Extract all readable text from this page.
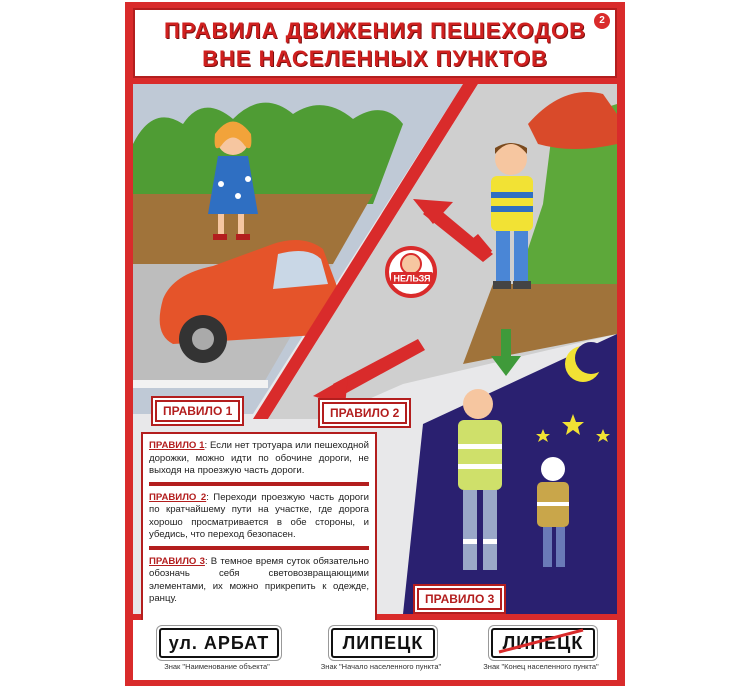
ПРАВИЛА ДВИЖЕНИЯ ПЕШЕХОДОВ
ВНЕ НАСЕЛЕННЫХ ПУНКТОВ
2
НЕЛЬЗЯ
ПРАВИЛО 1	ПРАВИЛО 2
ПРАВИЛО 3

ПРАВИЛО 1: Если нет тротуара или пешеходной дорожки, можно идти по обочине дороги, не выходя на проезжую часть дороги.

ПРАВИЛО 2: Переходи проезжую часть дороги по кратчайшему пути на участке, где дорога хорошо просматривается в обе стороны, и убедись, что переход безопасен.

ПРАВИЛО 3: В темное время суток обязательно обозначь себя световозвращающими элементами, их можно прикрепить к одежде, ранцу.

ул. АРБАТ
Знак "Наименование объекта"
ЛИПЕЦК
Знак "Начало населенного пункта"
ЛИПЕЦК
Знак "Конец населенного пункта"
